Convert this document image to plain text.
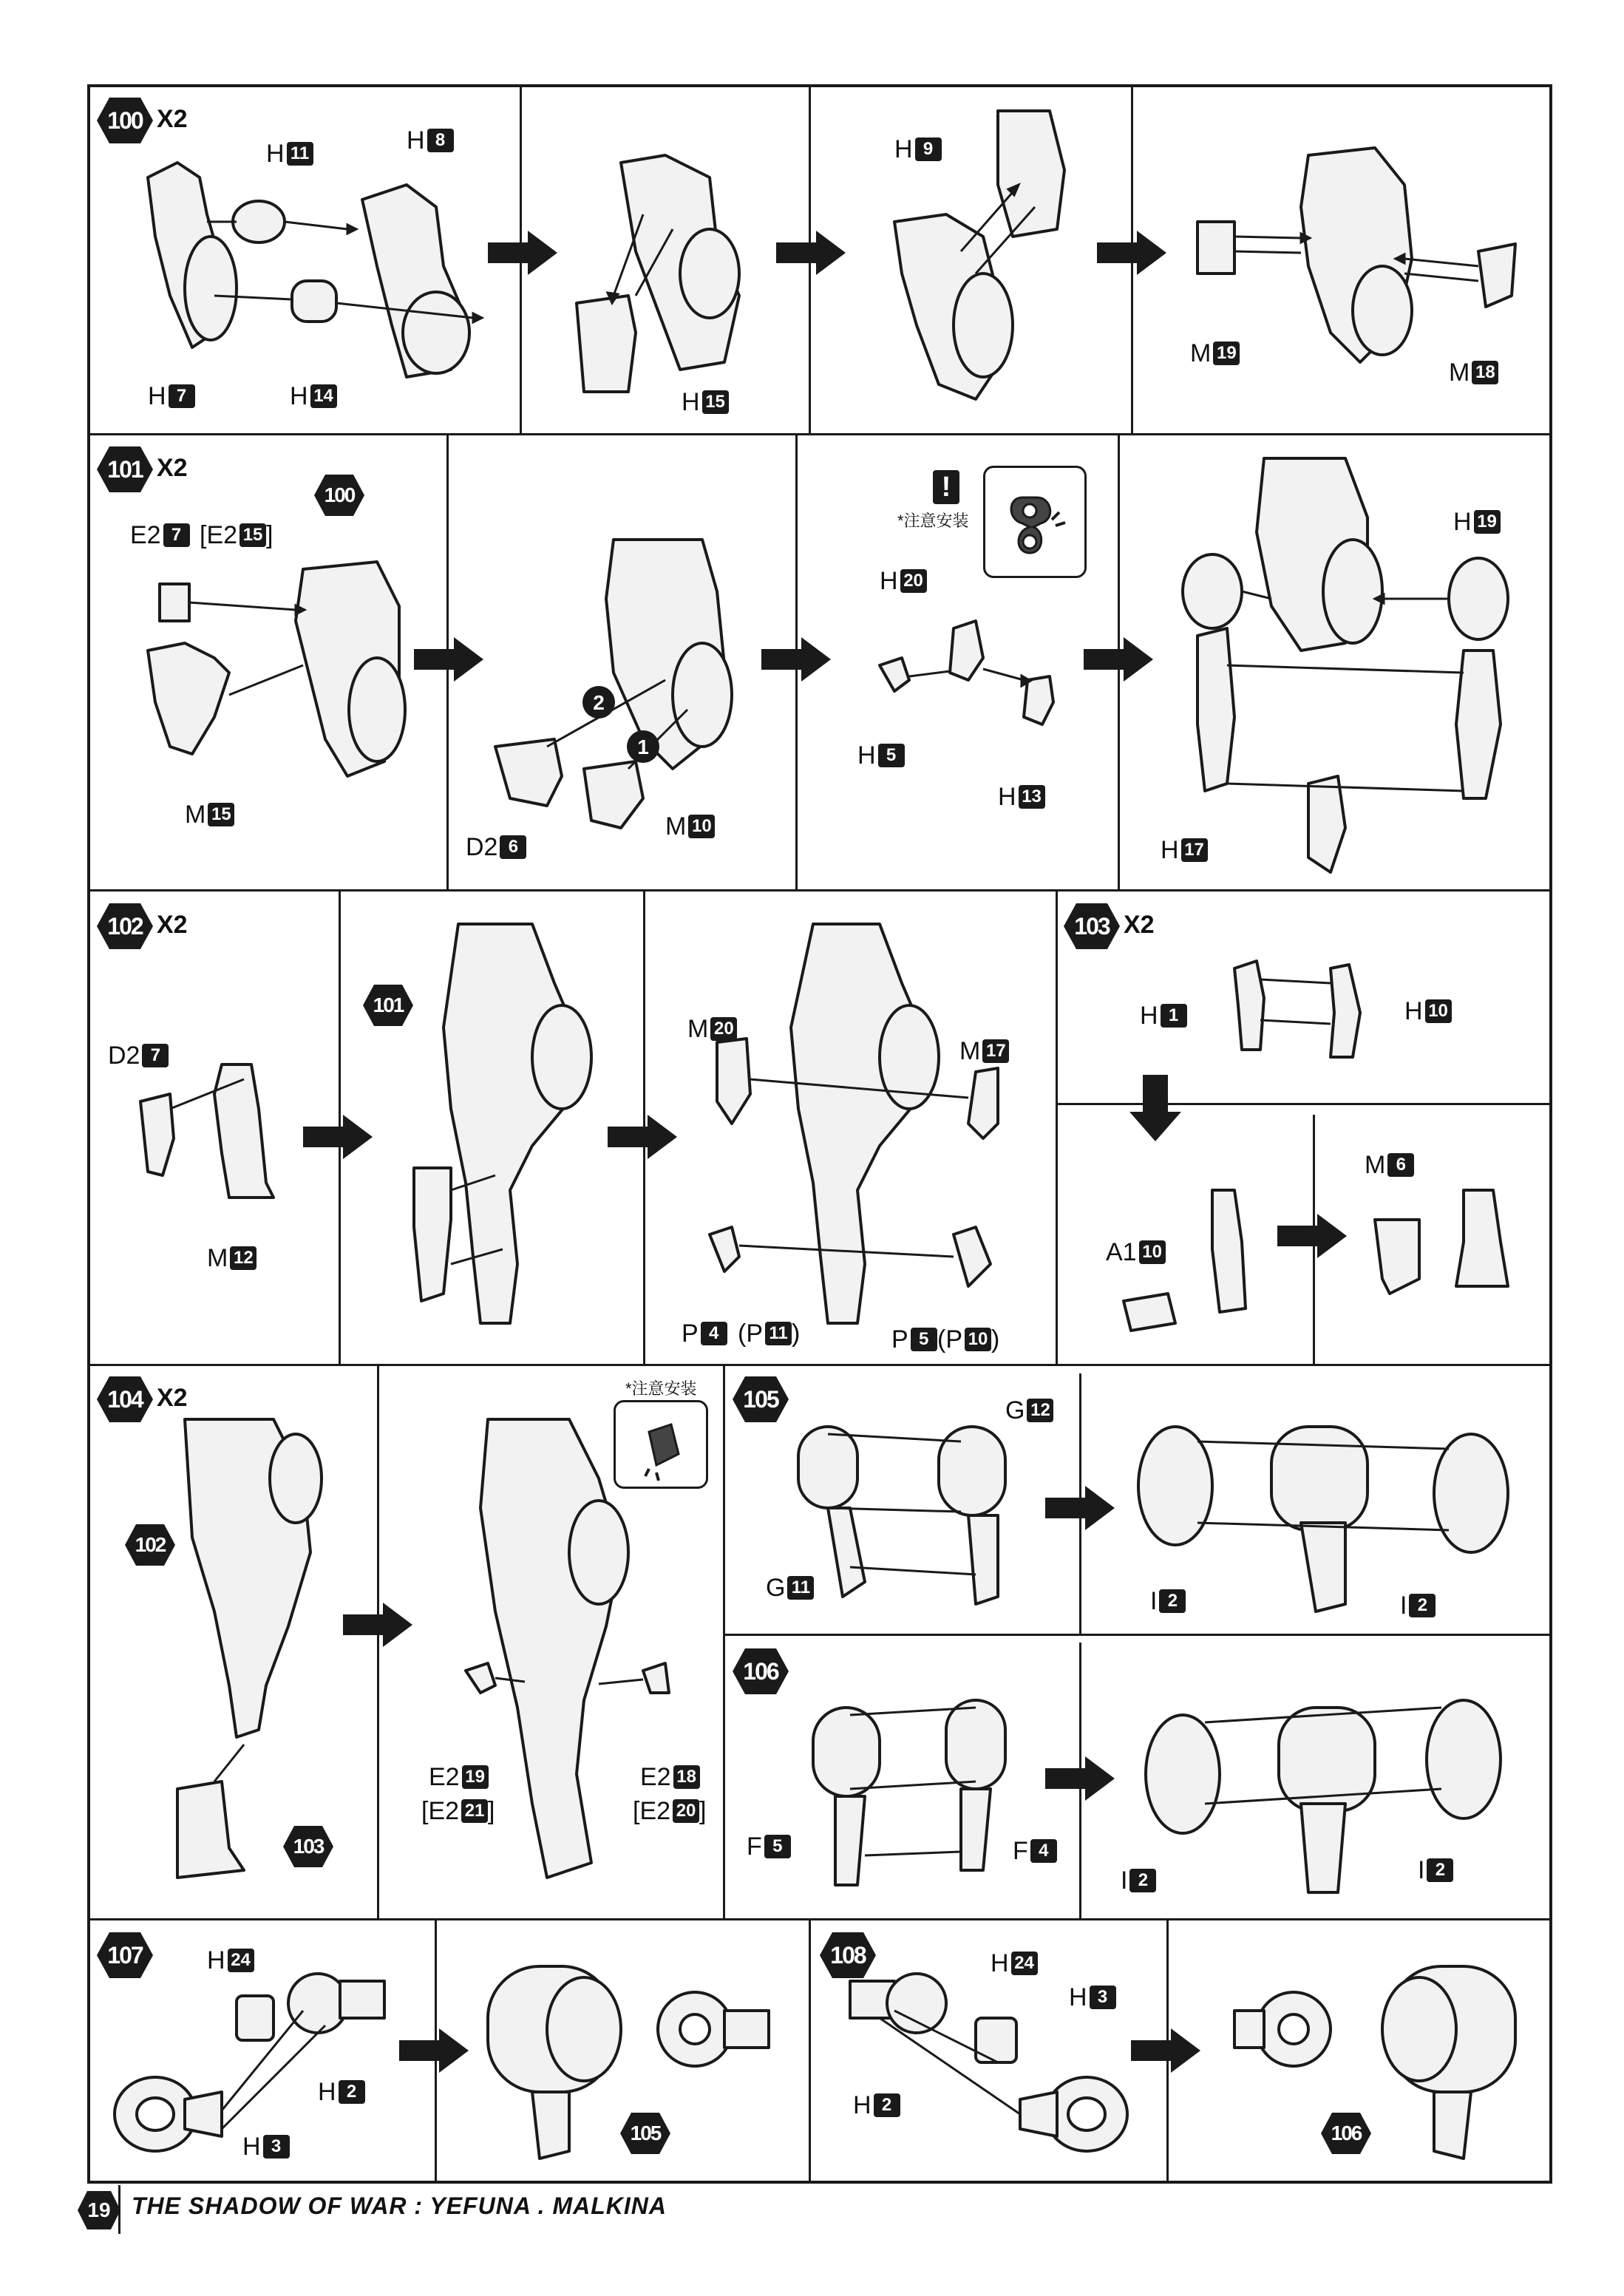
100 X2
101 X2
102 X2	103 X2
104 X2	105
106
107	108
100
101
102
103
105	106
2
1
!
*注意安装
*注意安装
H 11	H 8
H 7	H 14	H 15
H 9
M 19
M 18
E2 7 [E2 15 ]
M 15
D2 6
M 10
H 20
H 5
H 13
H 19
H 17
D2 7
M 12
M 20
M 17
P 4 (P 11 )	P 5 (P 10 )
H 1	H 10
M 6
A1 10
E2 19
[E2 21 ]
E2 18
[E2 20 ]
G 12
G 11	I 2	I 2
F 5	F 4
I 2	I 2
H 24
H 2
H 3
H 24
H 3
H 2
19 THE SHADOW OF WAR : YEFUNA . MALKINA
